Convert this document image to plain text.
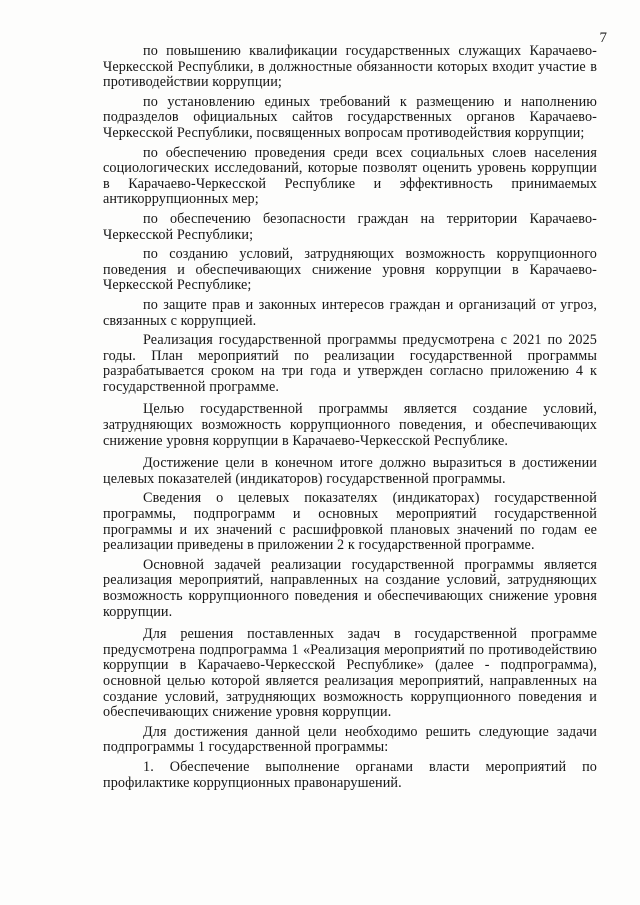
7

по повышению квалификации государственных служащих Карачаево-Черкесской Республики, в должностные обязанности которых входит участие в противодействии коррупции;

по установлению единых требований к размещению и наполнению подразделов официальных сайтов государственных органов Карачаево-Черкесской Республики, посвященных вопросам противодействия коррупции;

по обеспечению проведения среди всех социальных слоев населения социологических исследований, которые позволят оценить уровень коррупции в Карачаево-Черкесской Республике и эффективность принимаемых антикоррупционных мер;

по обеспечению безопасности граждан на территории Карачаево-Черкесской Республики;

по созданию условий, затрудняющих возможность коррупционного поведения и обеспечивающих снижение уровня коррупции в Карачаево-Черкесской Республике;

по защите прав и законных интересов граждан и организаций от угроз, связанных с коррупцией.

Реализация государственной программы предусмотрена с 2021 по 2025 годы. План мероприятий по реализации государственной программы разрабатывается сроком на три года и утвержден согласно приложению 4 к государственной программе.

Целью государственной программы является создание условий, затрудняющих возможность коррупционного поведения, и обеспечивающих снижение уровня коррупции в Карачаево-Черкесской Республике.

Достижение цели в конечном итоге должно выразиться в достижении целевых показателей (индикаторов) государственной программы.

Сведения о целевых показателях (индикаторах) государственной программы, подпрограмм и основных мероприятий государственной программы и их значений с расшифровкой плановых значений по годам ее реализации приведены в приложении 2 к государственной программе.

Основной задачей реализации государственной программы является реализация мероприятий, направленных на создание условий, затрудняющих возможность коррупционного поведения и обеспечивающих снижение уровня коррупции.

Для решения поставленных задач в государственной программе предусмотрена подпрограмма 1 «Реализация мероприятий по противодействию коррупции в Карачаево-Черкесской Республике» (далее - подпрограмма), основной целью которой является реализация мероприятий, направленных на создание условий, затрудняющих возможность коррупционного поведения и обеспечивающих снижение уровня коррупции.

Для достижения данной цели необходимо решить следующие задачи подпрограммы 1 государственной программы:

1. Обеспечение выполнение органами власти мероприятий по профилактике коррупционных правонарушений.
